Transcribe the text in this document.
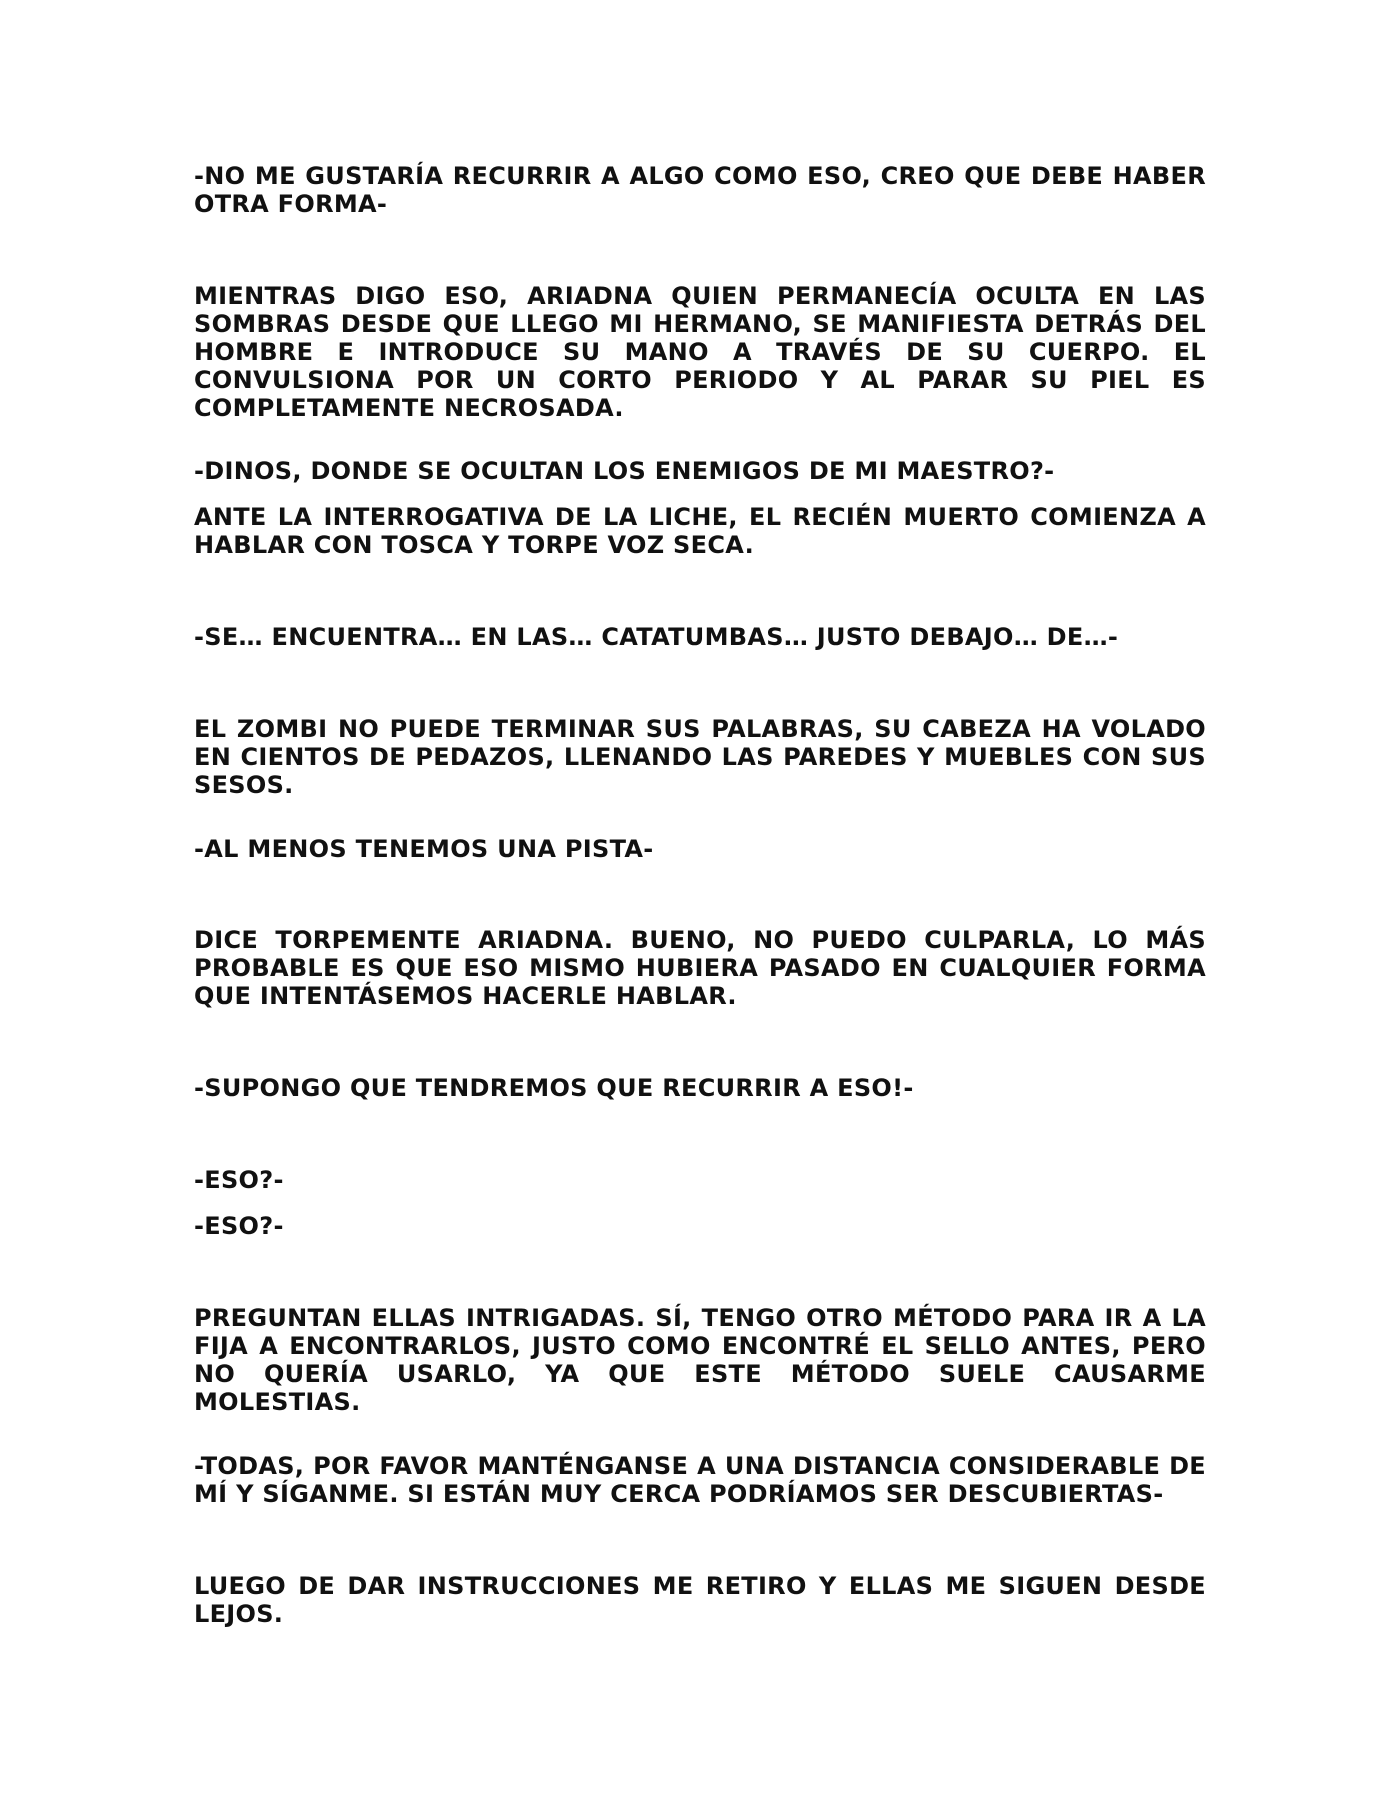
-NO ME GUSTARÍA RECURRIR A ALGO COMO ESO, CREO QUE DEBE HABER OTRA FORMA-

MIENTRAS DIGO ESO, ARIADNA QUIEN PERMANECÍA OCULTA EN LAS SOMBRAS DESDE QUE LLEGO MI HERMANO, SE MANIFIESTA DETRÁS DEL HOMBRE E INTRODUCE SU MANO A TRAVÉS DE SU CUERPO. EL CONVULSIONA POR UN CORTO PERIODO Y AL PARAR SU PIEL ES COMPLETAMENTE NECROSADA.

-DINOS, DONDE SE OCULTAN LOS ENEMIGOS DE MI MAESTRO?-

ANTE LA INTERROGATIVA DE LA LICHE, EL RECIÉN MUERTO COMIENZA A HABLAR CON TOSCA Y TORPE VOZ SECA.

-SE… ENCUENTRA… EN LAS… CATATUMBAS… JUSTO DEBAJO… DE…-

EL ZOMBI NO PUEDE TERMINAR SUS PALABRAS, SU CABEZA HA VOLADO EN CIENTOS DE PEDAZOS, LLENANDO LAS PAREDES Y MUEBLES CON SUS SESOS.

-AL MENOS TENEMOS UNA PISTA-

DICE TORPEMENTE ARIADNA. BUENO, NO PUEDO CULPARLA, LO MÁS PROBABLE ES QUE ESO MISMO HUBIERA PASADO EN CUALQUIER FORMA QUE INTENTÁSEMOS HACERLE HABLAR.

-SUPONGO QUE TENDREMOS QUE RECURRIR A ESO!-

-ESO?-

-ESO?-

PREGUNTAN ELLAS INTRIGADAS. SÍ, TENGO OTRO MÉTODO PARA IR A LA FIJA A ENCONTRARLOS, JUSTO COMO ENCONTRÉ EL SELLO ANTES, PERO NO QUERÍA USARLO, YA QUE ESTE MÉTODO SUELE CAUSARME MOLESTIAS.

-TODAS, POR FAVOR MANTÉNGANSE A UNA DISTANCIA CONSIDERABLE DE MÍ Y SÍGANME. SI ESTÁN MUY CERCA PODRÍAMOS SER DESCUBIERTAS-

LUEGO DE DAR INSTRUCCIONES ME RETIRO Y ELLAS ME SIGUEN DESDE LEJOS.
